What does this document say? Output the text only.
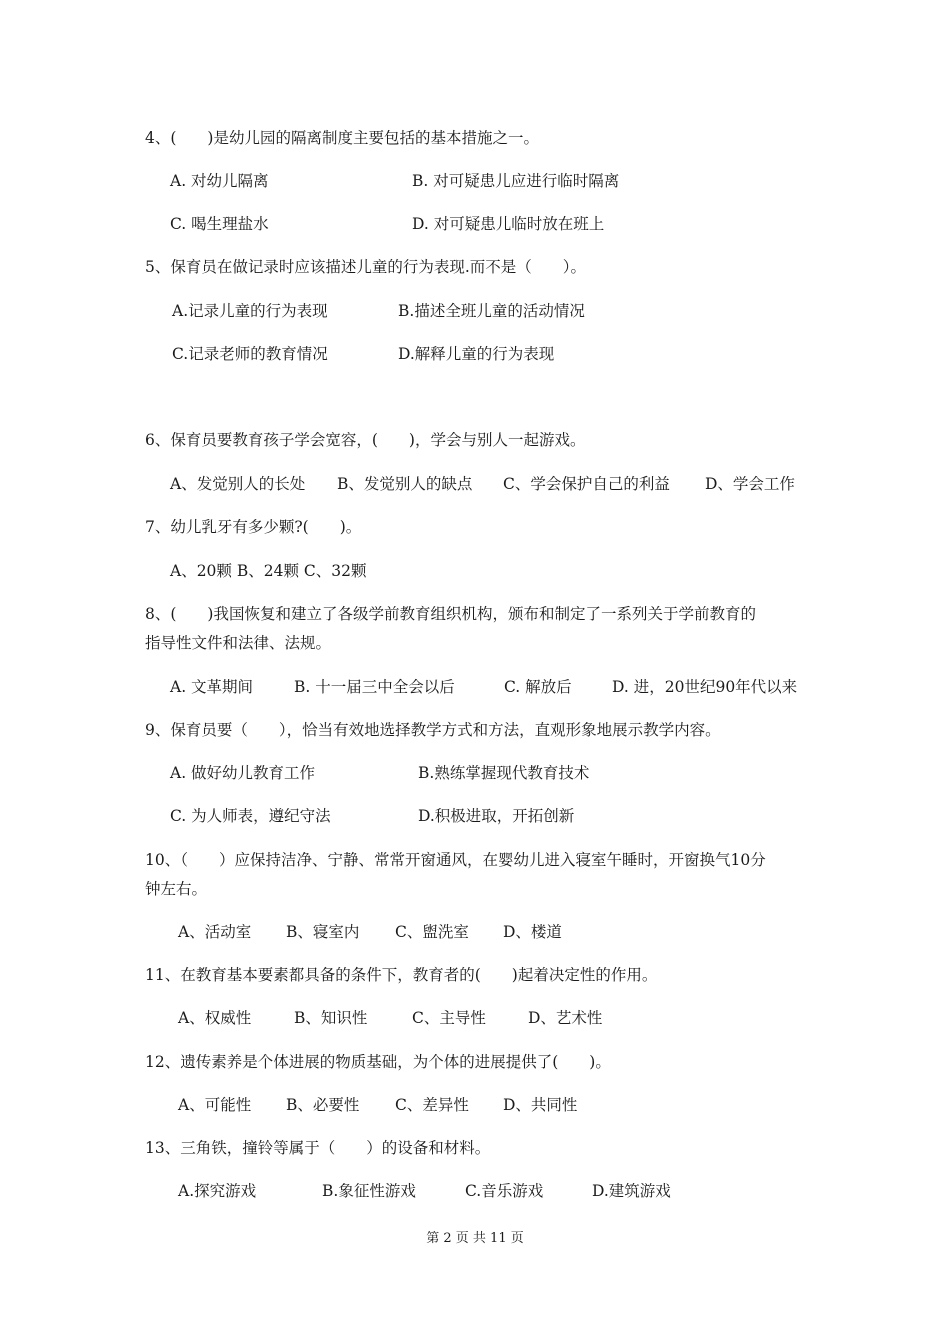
4、(　　)是幼儿园的隔离制度主要包括的基本措施之一。
A. 对幼儿隔离	B. 对可疑患儿应进行临时隔离
C. 喝生理盐水	D. 对可疑患儿临时放在班上
5、保育员在做记录时应该描述儿童的行为表现.而不是（　　）。
A.记录儿童的行为表现	B.描述全班儿童的活动情况
C.记录老师的教育情况	D.解释儿童的行为表现
6、保育员要教育孩子学会宽容，(　　)，学会与别人一起游戏。
A、发觉别人的长处 B、发觉别人的缺点 C、学会保护自己的利益 D、学会工作
7、幼儿乳牙有多少颗?(　　)。
A、20颗 B、24颗 C、32颗
8、(　　)我国恢复和建立了各级学前教育组织机构，颁布和制定了一系列关于学前教育的
指导性文件和法律、法规。
A. 文革期间	B. 十一届三中全会以后	C. 解放后	D. 进，20世纪90年代以来
9、保育员要（　　），恰当有效地选择教学方式和方法，直观形象地展示教学内容。
A. 做好幼儿教育工作	B.熟练掌握现代教育技术
C. 为人师表，遵纪守法	D.积极进取，开拓创新
10、（　　）应保持洁净、宁静、常常开窗通风，在婴幼儿进入寝室午睡时，开窗换气10分
钟左右。
A、活动室 B、寝室内 C、盥洗室 D、楼道
11、在教育基本要素都具备的条件下，教育者的(　　)起着决定性的作用。
A、权威性	B、知识性	C、主导性	D、艺术性
12、遗传素养是个体进展的物质基础，为个体的进展提供了(　　)。
A、可能性 B、必要性 C、差异性 D、共同性
13、三角铁，撞铃等属于（　　）的设备和材料。
A.探究游戏	B.象征性游戏	C.音乐游戏	D.建筑游戏
第 2 页 共 11 页
